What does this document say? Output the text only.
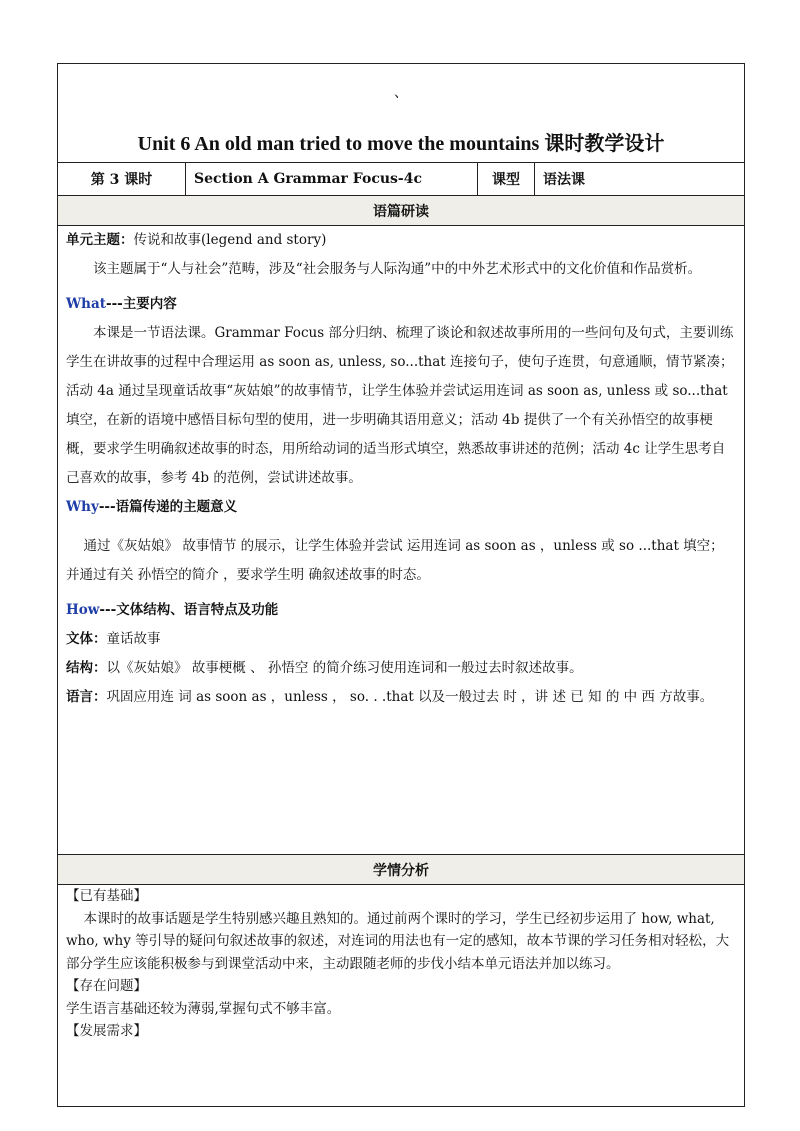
、
Unit 6 An old man tried to move the mountains 课时教学设计
第 3 课时	Section A Grammar Focus-4c	课型	语法课
语篇研读

单元主题：传说和故事(legend and story)

该主题属于“人与社会”范畴，涉及“社会服务与人际沟通”中的中外艺术形式中的文化价值和作品赏析。

What---主要内容

本课是一节语法课。Grammar Focus 部分归纳、梳理了谈论和叙述故事所用的一些问句及句式，主要训练学生在讲故事的过程中合理运用 as soon as, unless, so...that 连接句子，使句子连贯，句意通顺，情节紧凑；活动 4a 通过呈现童话故事“灰姑娘”的故事情节，让学生体验并尝试运用连词 as soon as, unless 或 so...that 填空，在新的语境中感悟目标句型的使用，进一步明确其语用意义；活动 4b 提供了一个有关孙悟空的故事梗概，要求学生明确叙述故事的时态，用所给动词的适当形式填空，熟悉故事讲述的范例；活动 4c 让学生思考自己喜欢的故事，参考 4b 的范例，尝试讲述故事。

Why---语篇传递的主题意义

通过《灰姑娘》 故事情节 的展示，让学生体验并尝试 运用连词 as soon as ，unless 或 so ...that 填空； 并通过有关 孙悟空的简介 ，要求学生明 确叙述故事的时态。

How---文体结构、语言特点及功能

文体：童话故事

结构：以《灰姑娘》 故事梗概 、 孙悟空 的简介练习使用连词和一般过去时叙述故事。

语言：巩固应用连 词 as soon as ，unless ， so. . .that 以及一般过去 时 ，讲 述 已 知 的 中 西 方故事。

学情分析

【已有基础】

本课时的故事话题是学生特别感兴趣且熟知的。通过前两个课时的学习，学生已经初步运用了 how, what, who, why 等引导的疑问句叙述故事的叙述，对连词的用法也有一定的感知，故本节课的学习任务相对轻松，大部分学生应该能积极参与到课堂活动中来，主动跟随老师的步伐小结本单元语法并加以练习。

【存在问题】

学生语言基础还较为薄弱,掌握句式不够丰富。

【发展需求】
